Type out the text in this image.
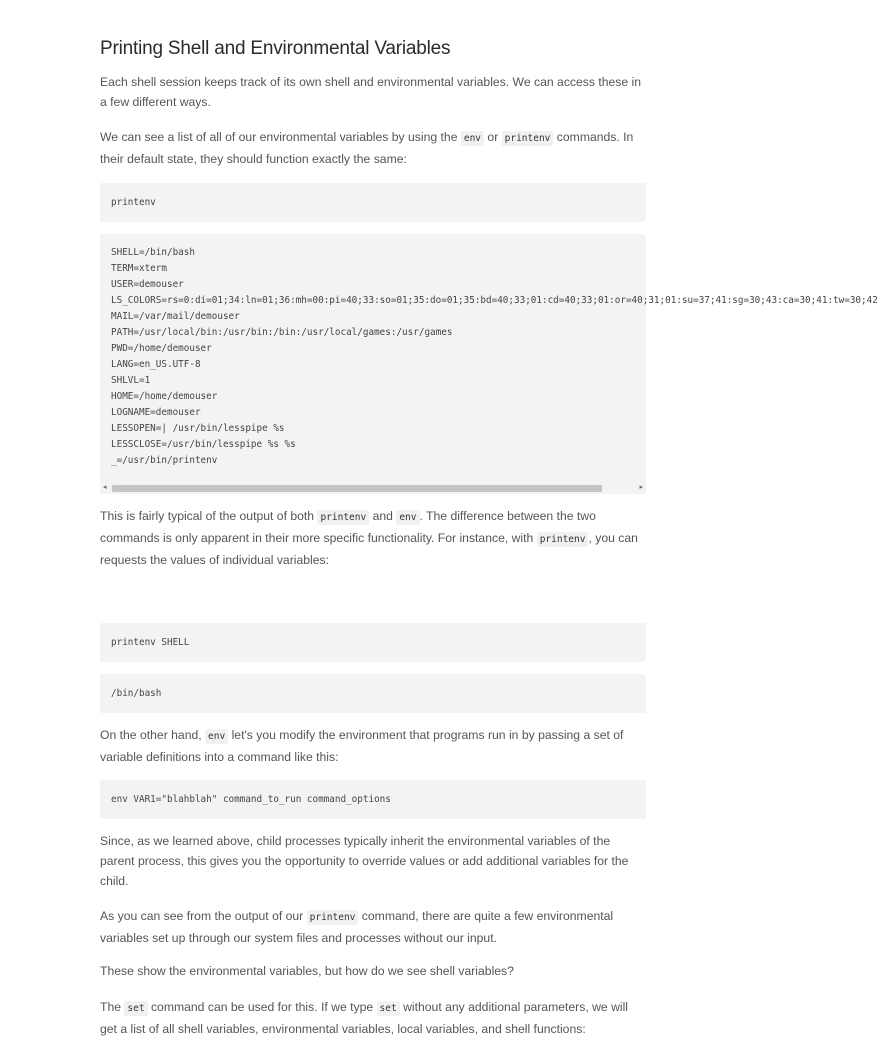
Printing Shell and Environmental Variables

Each shell session keeps track of its own shell and environmental variables. We can access these in a few different ways.

We can see a list of all of our environmental variables by using the env or printenv commands. In their default state, they should function exactly the same:

printenv
SHELL=/bin/bash
TERM=xterm
USER=demouser
LS_COLORS=rs=0:di=01;34:ln=01;36:mh=00:pi=40;33:so=01;35:do=01;35:bd=40;33;01:cd=40;33;01:or=40;31;01:su=37;41:sg=30;43:ca=30;41:tw=30;42
MAIL=/var/mail/demouser
PATH=/usr/local/bin:/usr/bin:/bin:/usr/local/games:/usr/games
PWD=/home/demouser
LANG=en_US.UTF-8
SHLVL=1
HOME=/home/demouser
LOGNAME=demouser
LESSOPEN=| /usr/bin/lesspipe %s
LESSCLOSE=/usr/bin/lesspipe %s %s
_=/usr/bin/printenv
◂	▸

This is fairly typical of the output of both printenv and env . The difference between the two commands is only apparent in their more specific functionality. For instance, with printenv , you can requests the values of individual variables:

printenv SHELL
/bin/bash

On the other hand, env let's you modify the environment that programs run in by passing a set of variable definitions into a command like this:

env VAR1="blahblah" command_to_run command_options

Since, as we learned above, child processes typically inherit the environmental variables of the parent process, this gives you the opportunity to override values or add additional variables for the child.

As you can see from the output of our printenv command, there are quite a few environmental variables set up through our system files and processes without our input.

These show the environmental variables, but how do we see shell variables?

The set command can be used for this. If we type set without any additional parameters, we will get a list of all shell variables, environmental variables, local variables, and shell functions:
